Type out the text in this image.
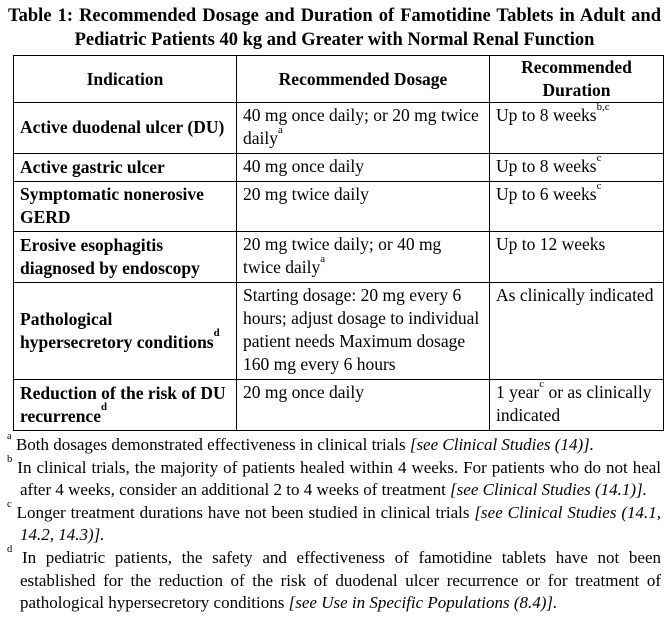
Table 1: Recommended Dosage and Duration of Famotidine Tablets in Adult and
Pediatric Patients 40 kg and Greater with Normal Renal Function
Indication	Recommended Dosage	Recommended Duration
Active duodenal ulcer (DU)	40 mg once daily; or 20 mg twice daily$^a$	Up to 8 weeks$^{b,c}$
Active gastric ulcer	40 mg once daily	Up to 8 weeks$^c$
Symptomatic nonerosive GERD	20 mg twice daily	Up to 6 weeks$^c$
Erosive esophagitis diagnosed by endoscopy	20 mg twice daily; or 40 mg twice daily$^a$	Up to 12 weeks
Pathological hypersecretory conditions$^d$	Starting dosage: 20 mg every 6 hours; adjust dosage to individual patient needs Maximum dosage 160 mg every 6 hours	As clinically indicated
Reduction of the risk of DU recurrence$^d$	20 mg once daily	1 year$^c$ or as clinically indicated
$^a$ Both dosages demonstrated effectiveness in clinical trials [see Clinical Studies (14)].
$^b$ In clinical trials, the majority of patients healed within 4 weeks. For patients who do not heal after 4 weeks, consider an additional 2 to 4 weeks of treatment [see Clinical Studies (14.1)].
$^c$ Longer treatment durations have not been studied in clinical trials [see Clinical Studies (14.1, 14.2, 14.3)].
$^d$ In pediatric patients, the safety and effectiveness of famotidine tablets have not been established for the reduction of the risk of duodenal ulcer recurrence or for treatment of pathological hypersecretory conditions [see Use in Specific Populations (8.4)].
